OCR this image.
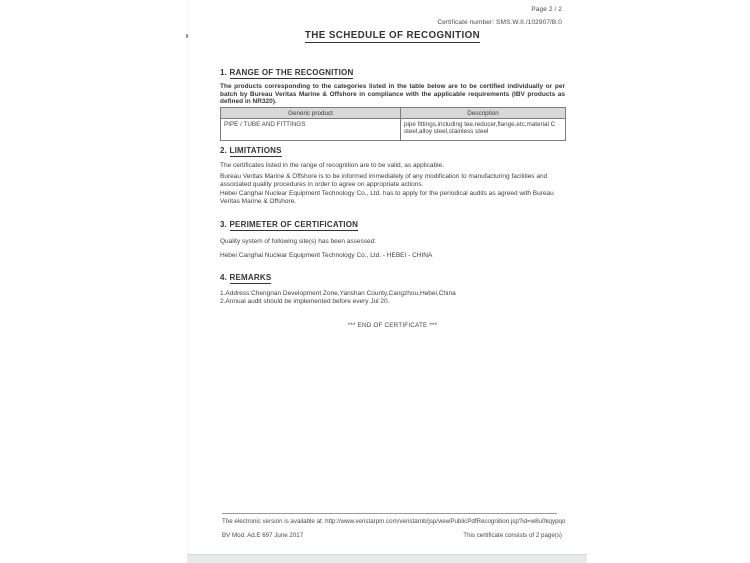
Page 2 / 2
Certificate number: SMS.W.II./102907/B.0
THE SCHEDULE OF RECOGNITION
1. RANGE OF THE RECOGNITION
The products corresponding to the categories listed in the table below are to be certified individually or per batch by Bureau Veritas Marine & Offshore in compliance with the applicable requirements (IBV products as defined in NR320).
Generic product	Description
PIPE / TUBE AND FITTINGS	pipe fittings,including tee,reducer,flange,etc,material C steel,alloy steel,stainless steel
2. LIMITATIONS
The certificates listed in the range of recognition are to be valid, as applicable.
Bureau Veritas Marine & Offshore is to be informed immediately of any modification to manufacturing facilities and associated quality procedures in order to agree on appropriate actions.
Hebei Canghai Nuclear Equipment Technology Co., Ltd. has to apply for the periodical audits as agreed with Bureau Veritas Marine & Offshore.
3. PERIMETER OF CERTIFICATION
Quality system of following site(s) has been assessed:
Hebei Canghai Nuclear Equipment Technology Co., Ltd. - HEBEI - CHINA
4. REMARKS
1.Address:Chengnan Development Zone,Yanshan County,Cangzhou,Hebei,China
2.Annual audit should be implemented before every Jul 20.
*** END OF CERTIFICATE ***
The electronic version is available at: http://www.veristarpm.com/veristarnb/jsp/viewPublicPdfRecognition.jsp?id=w8u0kqypqo
BV Mod. Ad.E 697 June 2017	This certificate consists of 2 page(s)
